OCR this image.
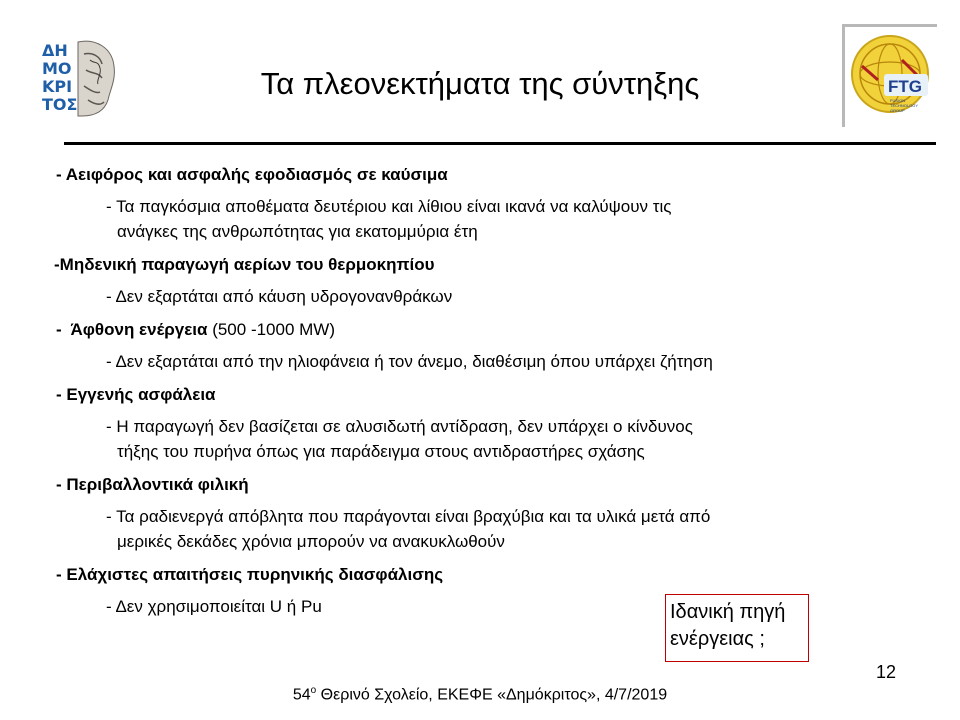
ΔΗ
ΜΟ
ΚΡΙ
ΤΟΣ
FTG
FUSION
TECHNOLOGY
GROUP
Τα πλεονεκτήματα της σύντηξης

- Αειφόρος και ασφαλής εφοδιασμός σε καύσιμα

- Τα παγκόσμια αποθέματα δευτέριου και λίθιου είναι ικανά να καλύψουν τις

ανάγκες της ανθρωπότητας για εκατομμύρια έτη

-Μηδενική παραγωγή αερίων του θερμοκηπίου

- Δεν εξαρτάται από κάυση υδρογονανθράκων

-  Άφθονη ενέργεια (500 -1000 MW)

- Δεν εξαρτάται από την ηλιοφάνεια ή τον άνεμο, διαθέσιμη όπου υπάρχει ζήτηση

- Εγγενής ασφάλεια

- Η παραγωγή δεν βασίζεται σε αλυσιδωτή αντίδραση, δεν υπάρχει ο κίνδυνος

τήξης του πυρήνα όπως για παράδειγμα στους αντιδραστήρες σχάσης

- Περιβαλλοντικά φιλική

- Τα ραδιενεργά απόβλητα που παράγονται είναι βραχύβια και τα υλικά μετά από

μερικές δεκάδες χρόνια μπορούν να ανακυκλωθούν

- Ελάχιστες απαιτήσεις πυρηνικής διασφάλισης

- Δεν χρησιμοποιείται U ή Pu	Ιδανική πηγή
ενέργειας ;
12
$54^o$ Θερινό Σχολείο, ΕΚΕΦΕ «Δημόκριτος», 4/7/2019
